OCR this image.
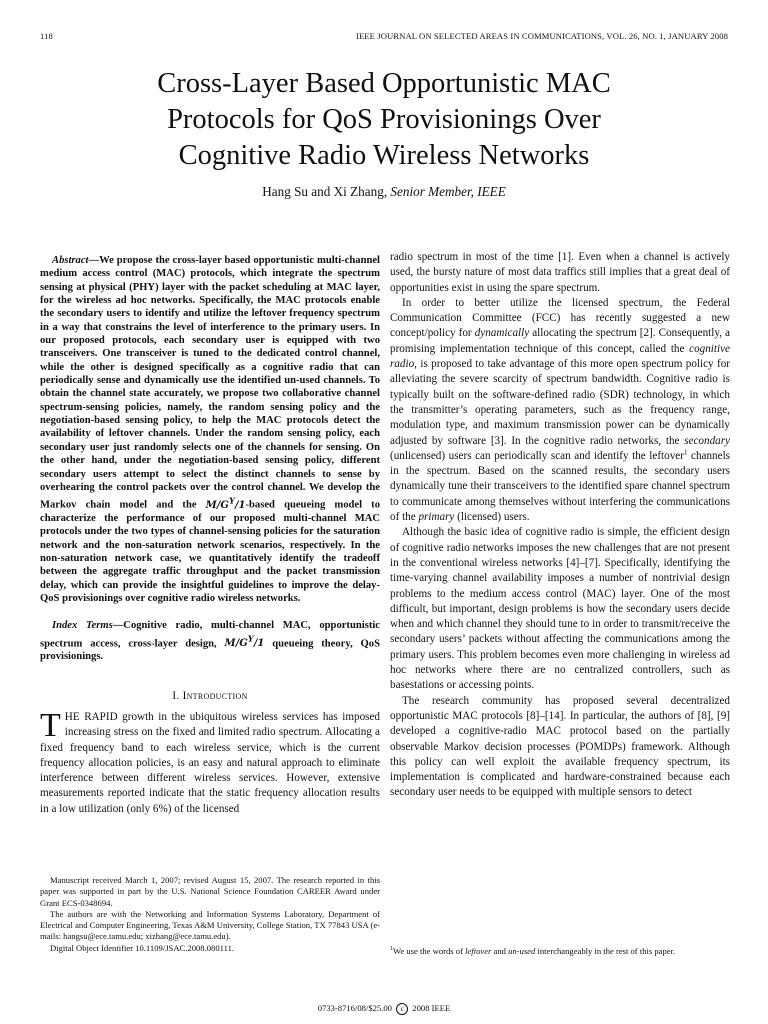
118	IEEE JOURNAL ON SELECTED AREAS IN COMMUNICATIONS, VOL. 26, NO. 1, JANUARY 2008
Cross-Layer Based Opportunistic MAC
Protocols for QoS Provisionings Over
Cognitive Radio Wireless Networks
Hang Su and Xi Zhang, Senior Member, IEEE
Abstract—We propose the cross-layer based opportunistic multi-channel medium access control (MAC) protocols, which integrate the spectrum sensing at physical (PHY) layer with the packet scheduling at MAC layer, for the wireless ad hoc networks. Specifically, the MAC protocols enable the secondary users to identify and utilize the leftover frequency spectrum in a way that constrains the level of interference to the primary users. In our proposed protocols, each secondary user is equipped with two transceivers. One transceiver is tuned to the dedicated control channel, while the other is designed specifically as a cognitive radio that can periodically sense and dynamically use the identified un-used channels. To obtain the channel state accurately, we propose two collaborative channel spectrum-sensing policies, namely, the random sensing policy and the negotiation-based sensing policy, to help the MAC protocols detect the availability of leftover channels. Under the random sensing policy, each secondary user just randomly selects one of the channels for sensing. On the other hand, under the negotiation-based sensing policy, different secondary users attempt to select the distinct channels to sense by overhearing the control packets over the control channel. We develop the Markov chain model and the $M/G^Y/1$-based queueing model to characterize the performance of our proposed multi-channel MAC protocols under the two types of channel-sensing policies for the saturation network and the non-saturation network scenarios, respectively. In the non-saturation network case, we quantitatively identify the tradeoff between the aggregate traffic throughput and the packet transmission delay, which can provide the insightful guidelines to improve the delay-QoS provisionings over cognitive radio wireless networks.
Index Terms—Cognitive radio, multi-channel MAC, opportunistic spectrum access, cross-layer design, $M/G^Y/1$ queueing theory, QoS provisionings.
I. Introduction
THE RAPID growth in the ubiquitous wireless services has imposed increasing stress on the fixed and limited radio spectrum. Allocating a fixed frequency band to each wireless service, which is the current frequency allocation policies, is an easy and natural approach to eliminate interference between different wireless services. However, extensive measurements reported indicate that the static frequency allocation results in a low utilization (only 6%) of the licensed

Manuscript received March 1, 2007; revised August 15, 2007. The research reported in this paper was supported in part by the U.S. National Science Foundation CAREER Award under Grant ECS-0348694.

The authors are with the Networking and Information Systems Laboratory, Department of Electrical and Computer Engineering, Texas A&M University, College Station, TX 77843 USA (e-mails: hangsu@ece.tamu.edu; xizhang@ece.tamu.edu).

Digital Object Identifier 10.1109/JSAC.2008.080111.

radio spectrum in most of the time [1]. Even when a channel is actively used, the bursty nature of most data traffics still implies that a great deal of opportunities exist in using the spare spectrum.

In order to better utilize the licensed spectrum, the Federal Communication Committee (FCC) has recently suggested a new concept/policy for dynamically allocating the spectrum [2]. Consequently, a promising implementation technique of this concept, called the cognitive radio, is proposed to take advantage of this more open spectrum policy for alleviating the severe scarcity of spectrum bandwidth. Cognitive radio is typically built on the software-defined radio (SDR) technology, in which the transmitter’s operating parameters, such as the frequency range, modulation type, and maximum transmission power can be dynamically adjusted by software [3]. In the cognitive radio networks, the secondary (unlicensed) users can periodically scan and identify the leftover$^1$ channels in the spectrum. Based on the scanned results, the secondary users dynamically tune their transceivers to the identified spare channel spectrum to communicate among themselves without interfering the communications of the primary (licensed) users.

Although the basic idea of cognitive radio is simple, the efficient design of cognitive radio networks imposes the new challenges that are not present in the conventional wireless networks [4]–[7]. Specifically, identifying the time-varying channel availability imposes a number of nontrivial design problems to the medium access control (MAC) layer. One of the most difficult, but important, design problems is how the secondary users decide when and which channel they should tune to in order to transmit/receive the secondary users’ packets without affecting the communications among the primary users. This problem becomes even more challenging in wireless ad hoc networks where there are no centralized controllers, such as basestations or accessing points.

The research community has proposed several decentralized opportunistic MAC protocols [8]–[14]. In particular, the authors of [8], [9] developed a cognitive-radio MAC protocol based on the partially observable Markov decision processes (POMDPs) framework. Although this policy can well exploit the available frequency spectrum, its implementation is complicated and hardware-constrained because each secondary user needs to be equipped with multiple sensors to detect

$^1$We use the words of leftover and un-used interchangeably in the rest of this paper.
0733-8716/08/$25.00 c 2008 IEEE
